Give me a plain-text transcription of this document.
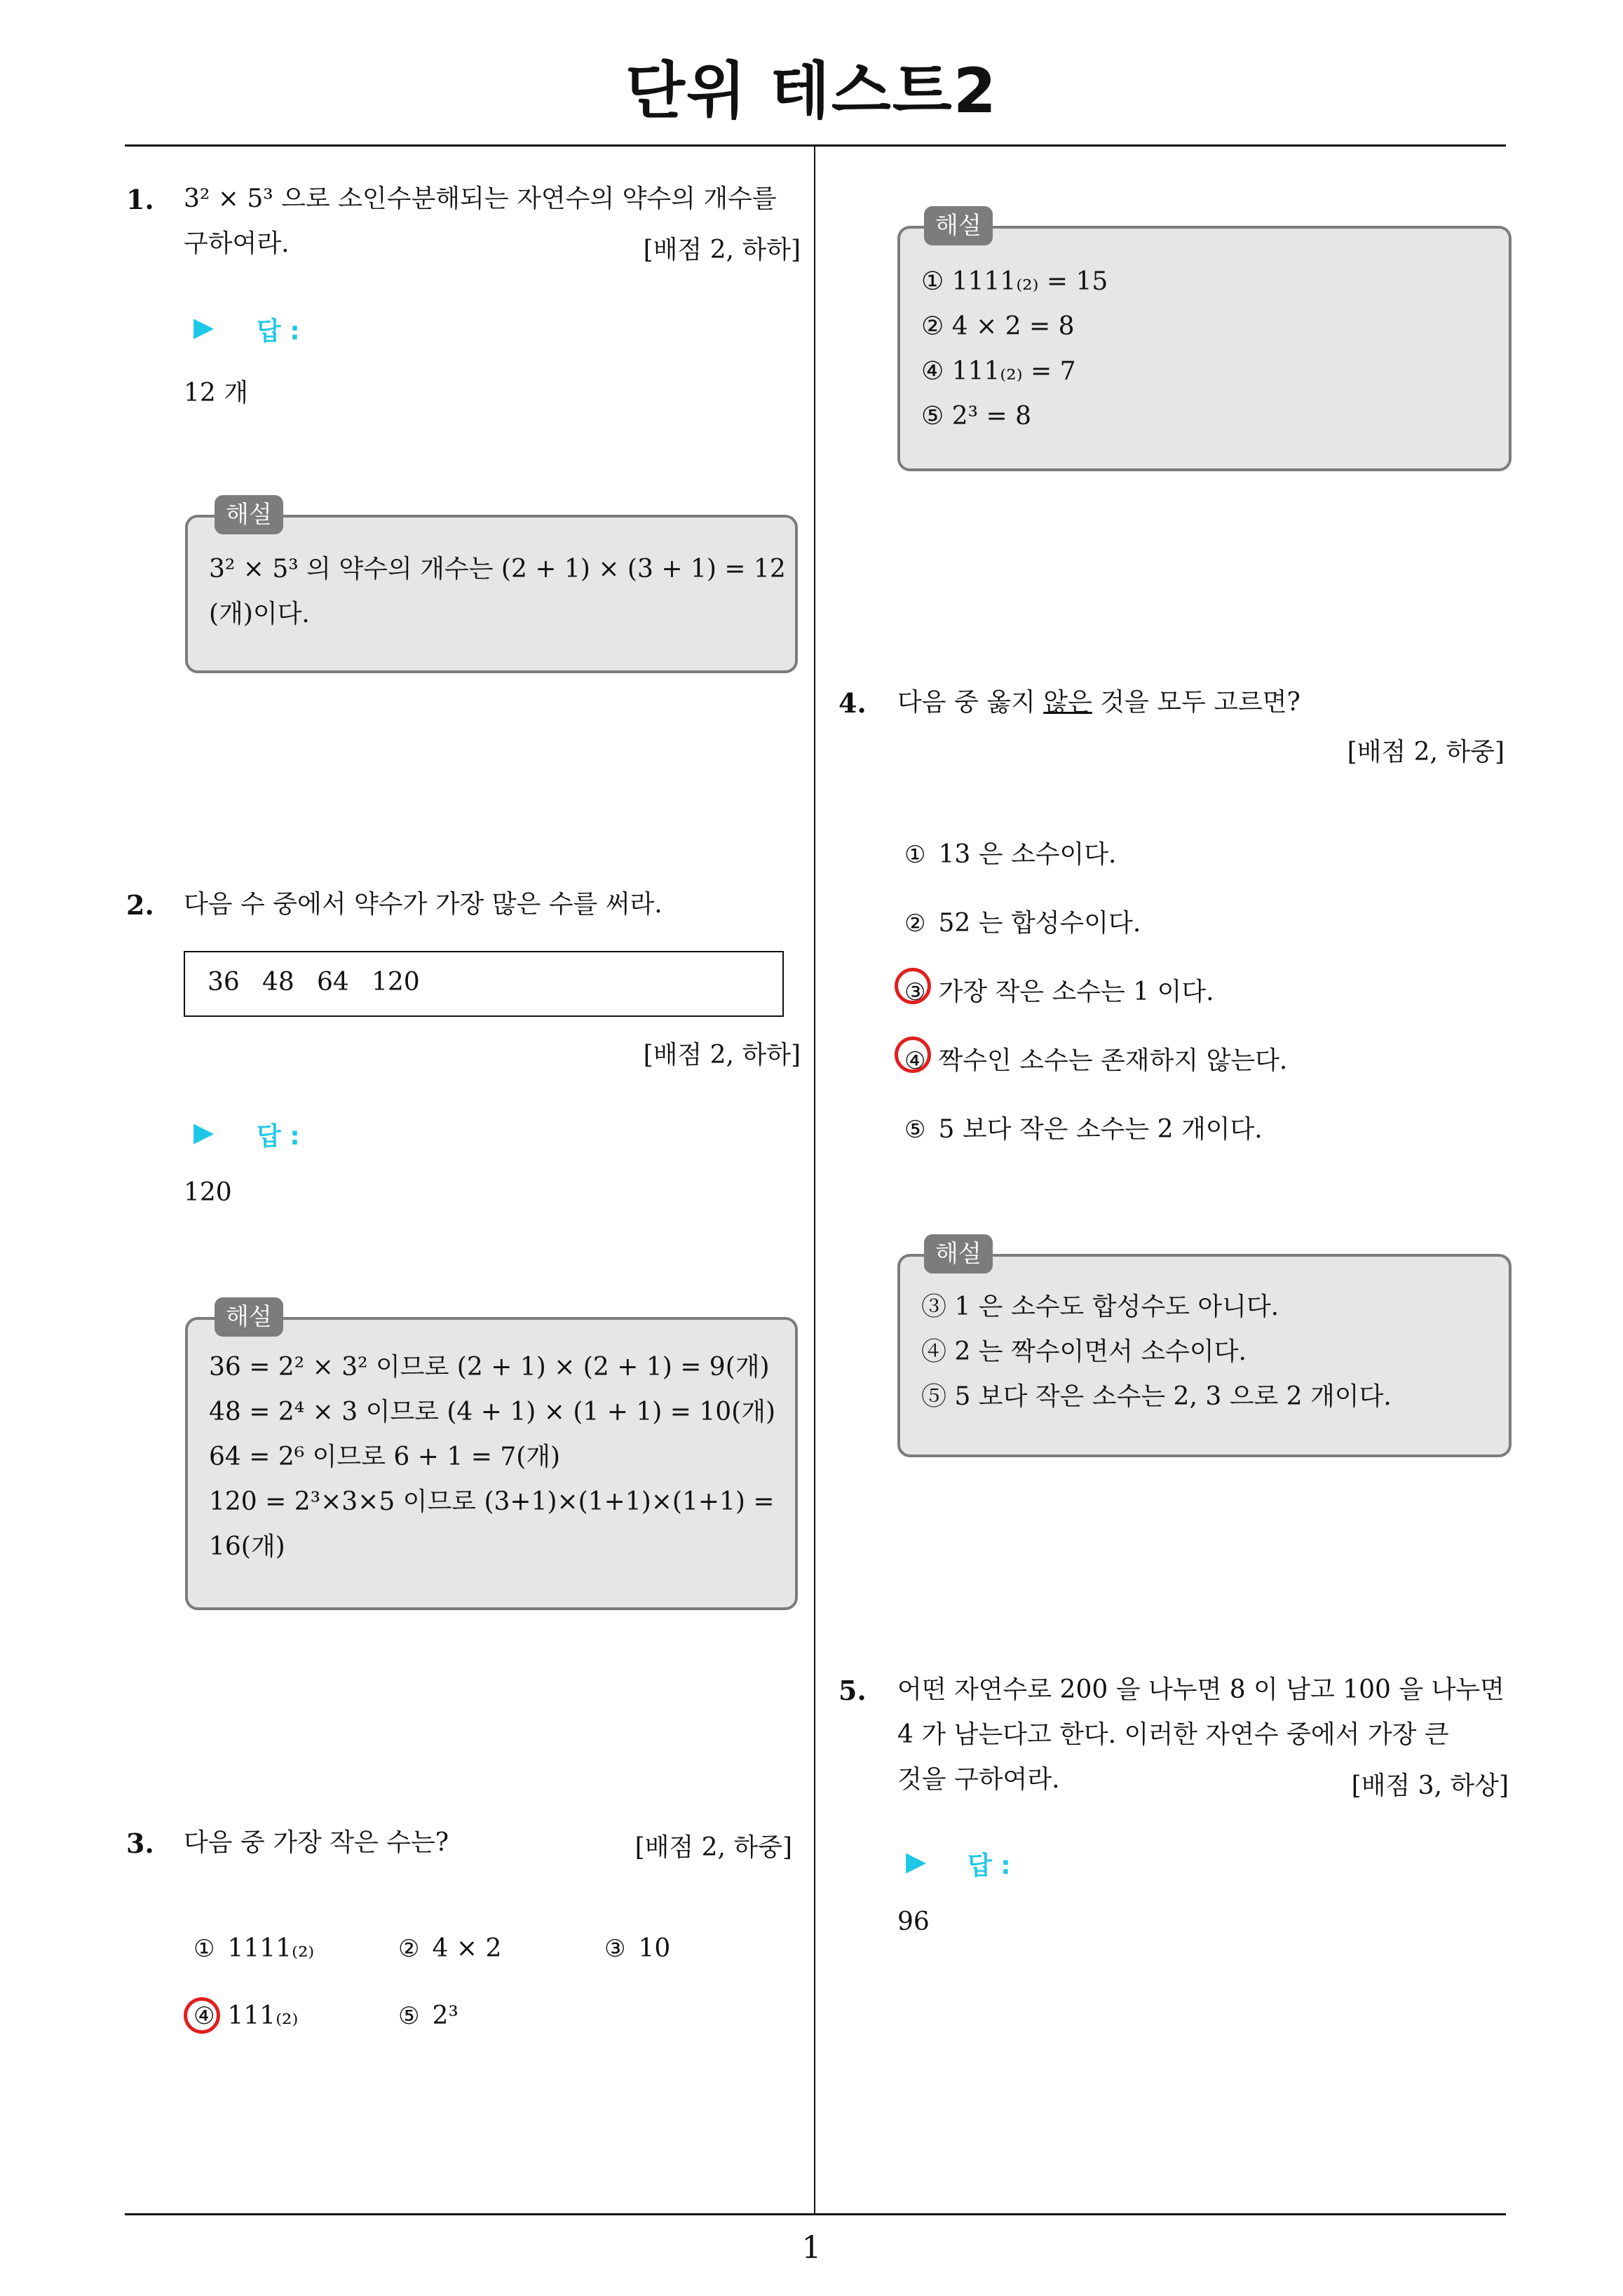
단위 테스트2
1. 3² × 5³ 으로 소인수분해되는 자연수의 약수의 개수를
구하여라.	[배점 2, 하하]
▶ 답 :
12 개
3² × 5³ 의 약수의 개수는 (2 + 1) × (3 + 1) = 12
(개)이다.
해설
2. 다음 수 중에서 약수가 가장 많은 수를 써라.
36 48 64 120
[배점 2, 하하]
▶ 답 :
120
36 = 2² × 3² 이므로 (2 + 1) × (2 + 1) = 9(개)
48 = 2⁴ × 3 이므로 (4 + 1) × (1 + 1) = 10(개)
64 = 2⁶ 이므로 6 + 1 = 7(개)
120 = 2³×3×5 이므로 (3+1)×(1+1)×(1+1) =
16(개)
해설
3. 다음 중 가장 작은 수는?	[배점 2, 하중]
① 1111₍₂₎	② 4 × 2	③ 10
④ 111₍₂₎	⑤ 2³
① 1111₍₂₎ = 15
② 4 × 2 = 8
④ 111₍₂₎ = 7
⑤ 2³ = 8
해설
4. 다음 중 옳지 않은 것을 모두 고르면?
[배점 2, 하중]
① 13 은 소수이다.
② 52 는 합성수이다.
③ 가장 작은 소수는 1 이다.
④ 짝수인 소수는 존재하지 않는다.
⑤ 5 보다 작은 소수는 2 개이다.
③ 1 은 소수도 합성수도 아니다.
④ 2 는 짝수이면서 소수이다.
⑤ 5 보다 작은 소수는 2, 3 으로 2 개이다.
해설
5. 어떤 자연수로 200 을 나누면 8 이 남고 100 을 나누면
4 가 남는다고 한다. 이러한 자연수 중에서 가장 큰
것을 구하여라.	[배점 3, 하상]
▶ 답 :
96
1
